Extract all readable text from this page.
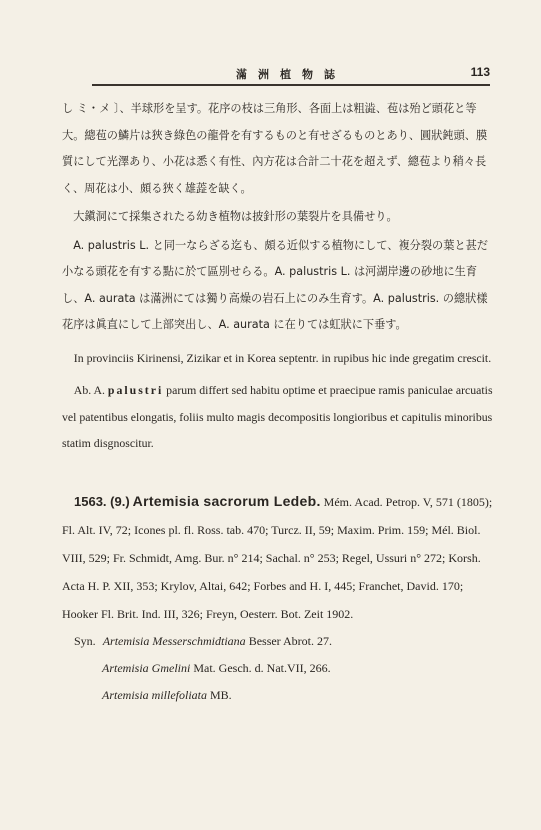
滿洲植物誌	113

し ミ・メ 〕、半球形を呈す。花序の枝は三角形、各面上は粗澁、苞は殆ど頭花と等大。總苞の鱗片は狹き綠色の龍骨を有するものと有せざるものとあり、圓狀鈍頭、膜質にして光澤あり、小花は悉く有性、內方花は合計二十花を超えず、總苞より稍々長く、周花は小、頗る狹く雄蕋を缺く。

大鎭洞にて採集されたる幼き植物は披針形の葉裂片を具備せり。

A. palustris L. と同一ならざる迄も、頗る近似する植物にして、複分裂の葉と甚だ小なる頭花を有する點に於て區別せらる。A. palustris L. は河湖岸邊の砂地に生育し、A. aurata は滿洲にては獨り高燥の岩石上にのみ生育す。A. palustris. の總狀樣花序は眞直にして上部突出し、A. aurata に在りては虹狀に下垂す。

In provinciis Kirinensi, Zizikar et in Korea septentr. in rupibus hic inde gregatim crescit.

Ab. A. palustri parum differt sed habitu optime et praecipue ramis paniculae arcuatis vel patentibus elongatis, foliis multo magis decompositis longioribus et capitulis minoribus statim disgnoscitur.

1563. (9.) Artemisia sacrorum Ledeb. Mém. Acad. Petrop. V, 571 (1805); Fl. Alt. IV, 72; Icones pl. fl. Ross. tab. 470; Turcz. II, 59; Maxim. Prim. 159; Mél. Biol. VIII, 529; Fr. Schmidt, Amg. Bur. n° 214; Sachal. n° 253; Regel, Ussuri n° 272; Korsh. Acta H. P. XII, 353; Krylov, Altai, 642; Forbes and H. I, 445; Franchet, David. 170; Hooker Fl. Brit. Ind. III, 326; Freyn, Oesterr. Bot. Zeit 1902.

Syn. Artemisia Messerschmidtiana Besser Abrot. 27.
Artemisia Gmelini Mat. Gesch. d. Nat.VII, 266.
Artemisia millefoliata MB.
